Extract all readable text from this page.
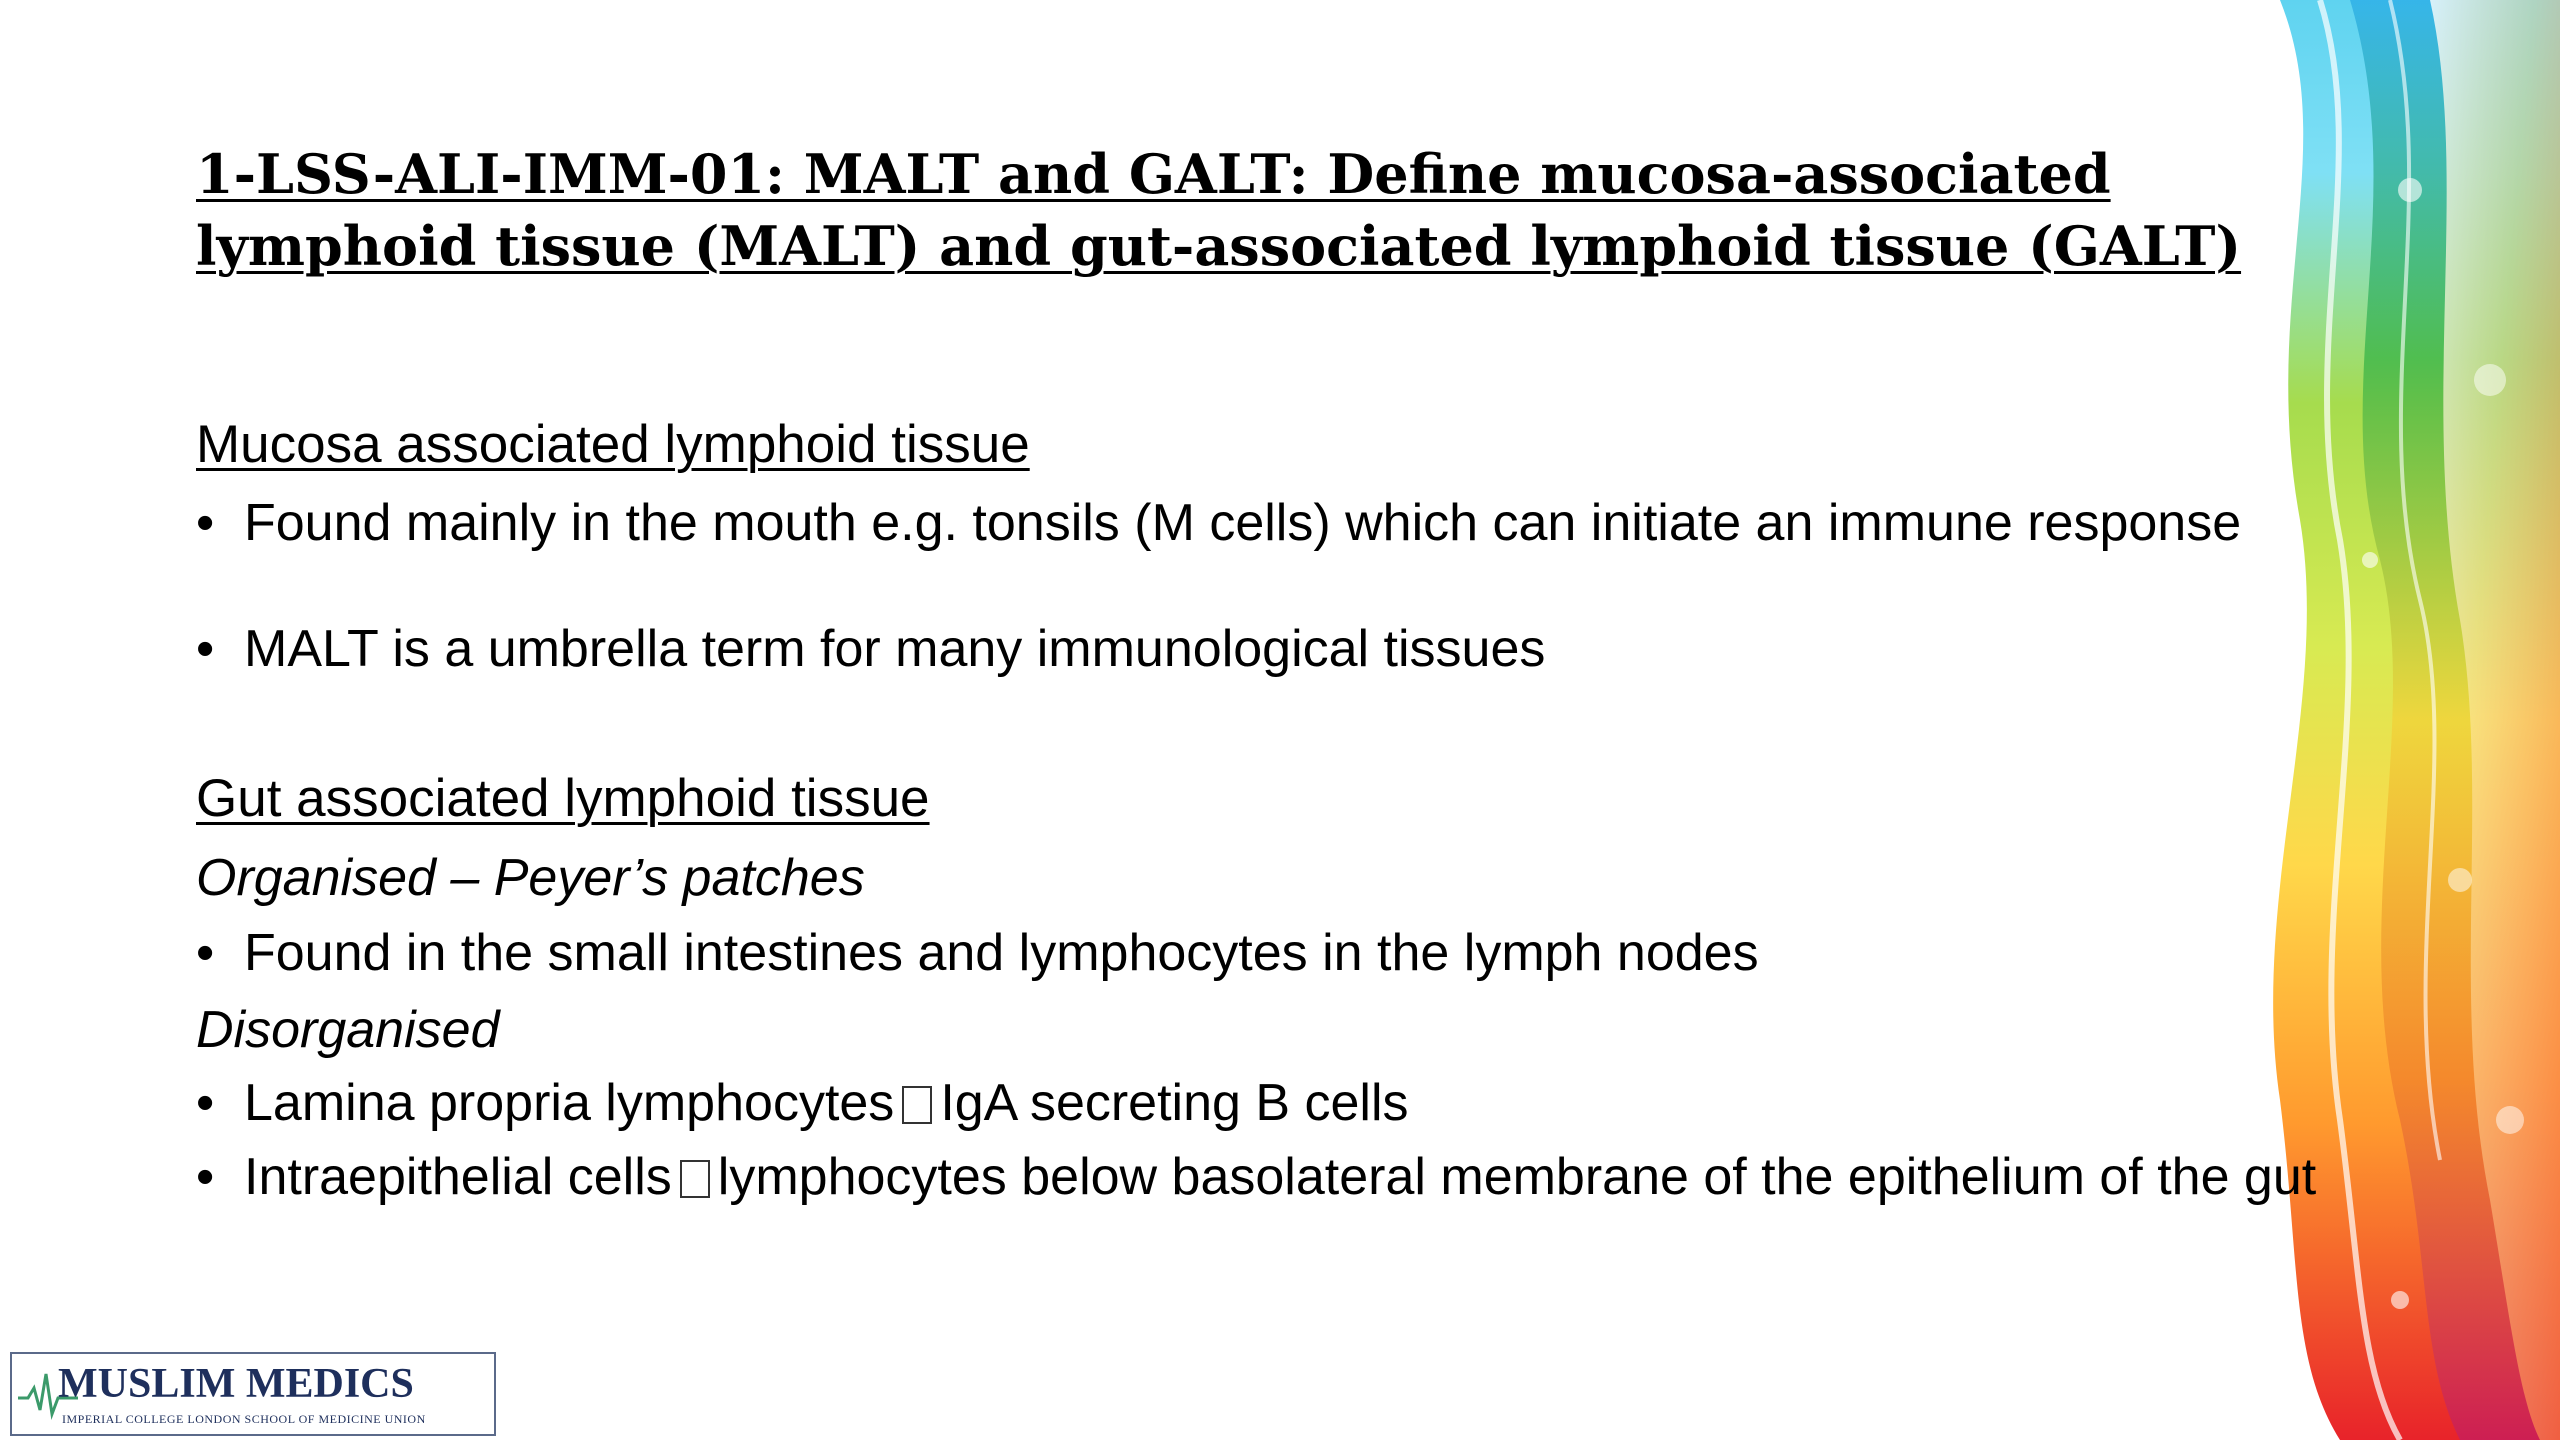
1-LSS-ALI-IMM-01: MALT and GALT: Define mucosa-associated lymphoid tissue (MALT) and gut-associated lymphoid tissue (GALT)
Mucosa associated lymphoid tissue
• Found mainly in the mouth e.g. tonsils (M cells) which can initiate an immune response
• MALT is a umbrella term for many immunological tissues
Gut associated lymphoid tissue
Organised – Peyer’s patches
• Found in the small intestines and lymphocytes in the lymph nodes
Disorganised
• Lamina propria lymphocytes IgA secreting B cells
• Intraepithelial cells lymphocytes below basolateral membrane of the epithelium of the gut
MUSLIM MEDICS
IMPERIAL COLLEGE LONDON SCHOOL OF MEDICINE UNION
